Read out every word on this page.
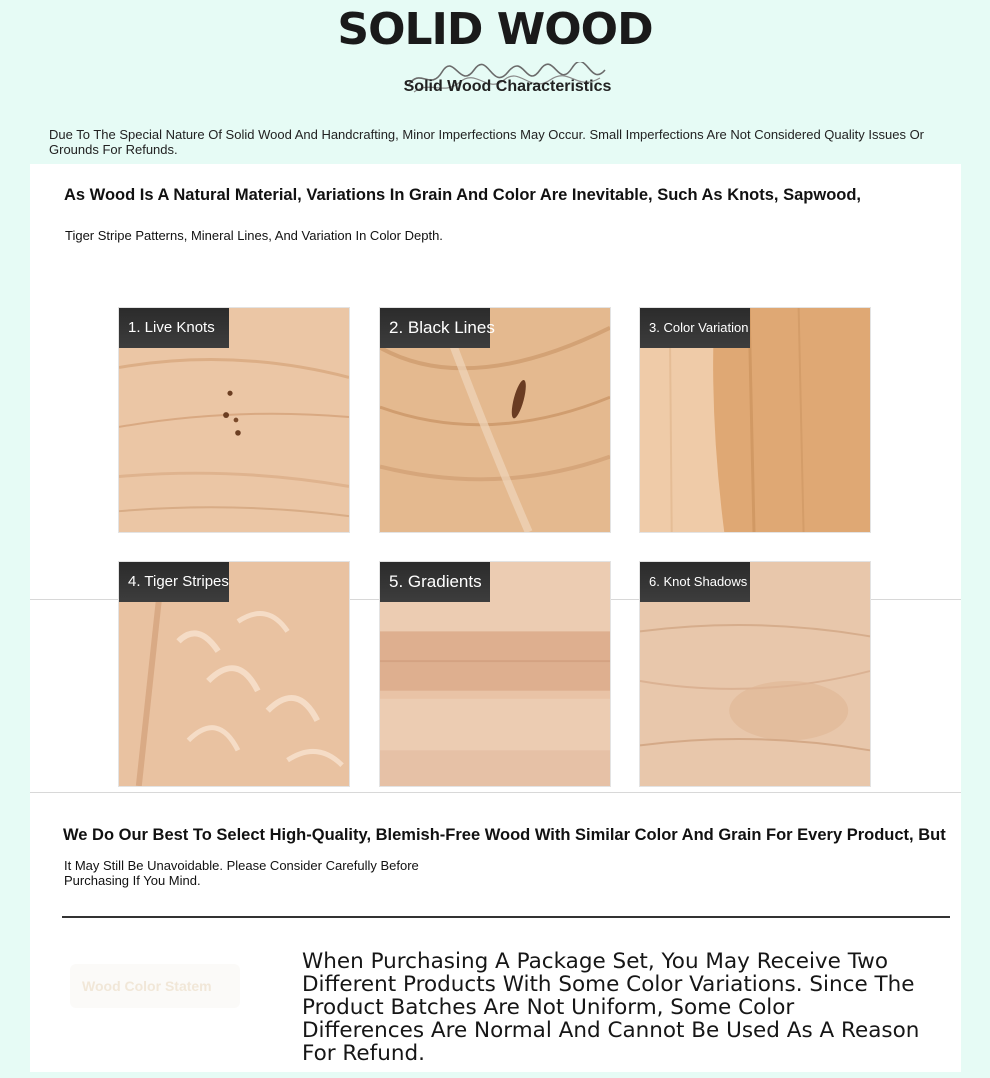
SOLID WOOD
Solid Wood Characteristics
Due To The Special Nature Of Solid Wood And Handcrafting, Minor Imperfections May Occur. Small Imperfections Are Not Considered Quality Issues Or Grounds For Refunds.
As Wood Is A Natural Material, Variations In Grain And Color Are Inevitable, Such As Knots, Sapwood,
Tiger Stripe Patterns, Mineral Lines, And Variation In Color Depth.
1. Live Knots	2. Black Lines	3. Color Variation
4. Tiger Stripes	5. Gradients	6. Knot Shadows
We Do Our Best To Select High-Quality, Blemish-Free Wood With Similar Color And Grain For Every Product, But
It May Still Be Unavoidable. Please Consider Carefully Before
Purchasing If You Mind.
Wood Color Statem
When Purchasing A Package Set, You May Receive Two Different Products With Some Color Variations. Since The Product Batches Are Not Uniform, Some Color Differences Are Normal And Cannot Be Used As A Reason For Refund.
